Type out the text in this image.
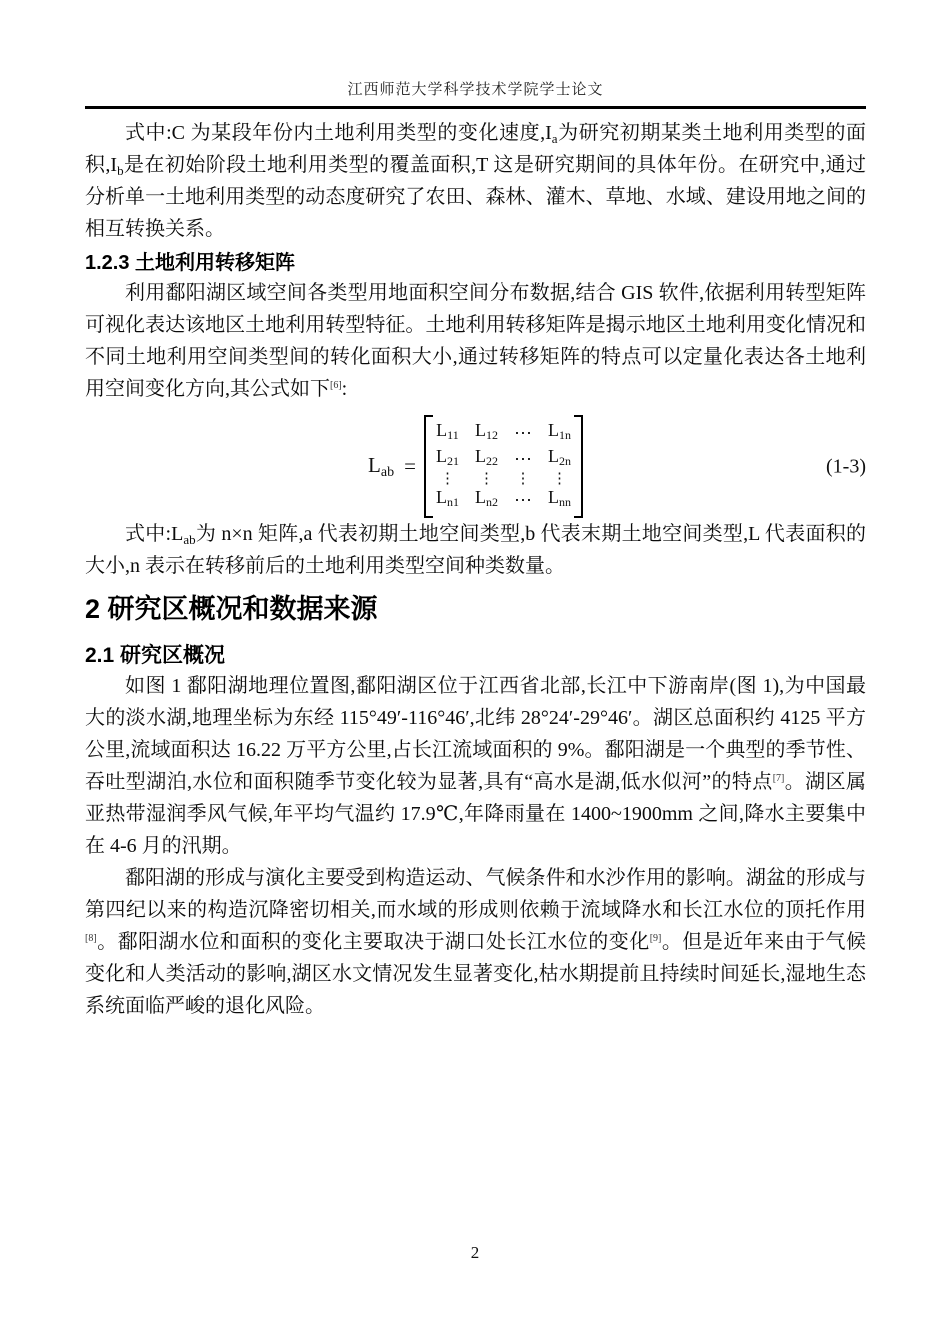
江西师范大学科学技术学院学士论文

式中:C 为某段年份内土地利用类型的变化速度$,I_a$为研究初期某类土地利用类型的面积$,I_b$是在初始阶段土地利用类型的覆盖面积,T 这是研究期间的具体年份。在研究中,通过分析单一土地利用类型的动态度研究了农田、森林、灌木、草地、水域、建设用地之间的相互转换关系。

1.2.3 土地利用转移矩阵

利用鄱阳湖区域空间各类型用地面积空间分布数据,结合 GIS 软件,依据利用转型矩阵可视化表达该地区土地利用转型特征。土地利用转移矩阵是揭示地区土地利用变化情况和不同土地利用空间类型间的转化面积大小,通过转移矩阵的特点可以定量化表达各土地利用空间变化方向,其公式如下[6]:

$L_{ab}$ =
$L_{11}$ $L_{12}$ ⋯ $L_{1n}$
$L_{21}$ $L_{22}$ ⋯ $L_{2n}$
⋮ ⋮ ⋮ ⋮
$L_{n1}$ $L_{n2}$ ⋯ $L_{nn}$
(1-3)

式中$:L_{ab}$为 n×n 矩阵,a 代表初期土地空间类型,b 代表末期土地空间类型,L 代表面积的大小,n 表示在转移前后的土地利用类型空间种类数量。

2 研究区概况和数据来源
2.1 研究区概况

如图 1 鄱阳湖地理位置图,鄱阳湖区位于江西省北部,长江中下游南岸(图 1),为中国最大的淡水湖,地理坐标为东经 115°49′-116°46′,北纬 28°24′-29°46′。湖区总面积约 4125 平方公里,流域面积达 16.22 万平方公里,占长江流域面积的 9%。鄱阳湖是一个典型的季节性、吞吐型湖泊,水位和面积随季节变化较为显著,具有“高水是湖,低水似河”的特点[7]。湖区属亚热带湿润季风气候,年平均气温约 17.9℃,年降雨量在 1400~1900mm 之间,降水主要集中在 4-6 月的汛期。

鄱阳湖的形成与演化主要受到构造运动、气候条件和水沙作用的影响。湖盆的形成与第四纪以来的构造沉降密切相关,而水域的形成则依赖于流域降水和长江水位的顶托作用[8]。鄱阳湖水位和面积的变化主要取决于湖口处长江水位的变化[9]。但是近年来由于气候变化和人类活动的影响,湖区水文情况发生显著变化,枯水期提前且持续时间延长,湿地生态系统面临严峻的退化风险。

2
